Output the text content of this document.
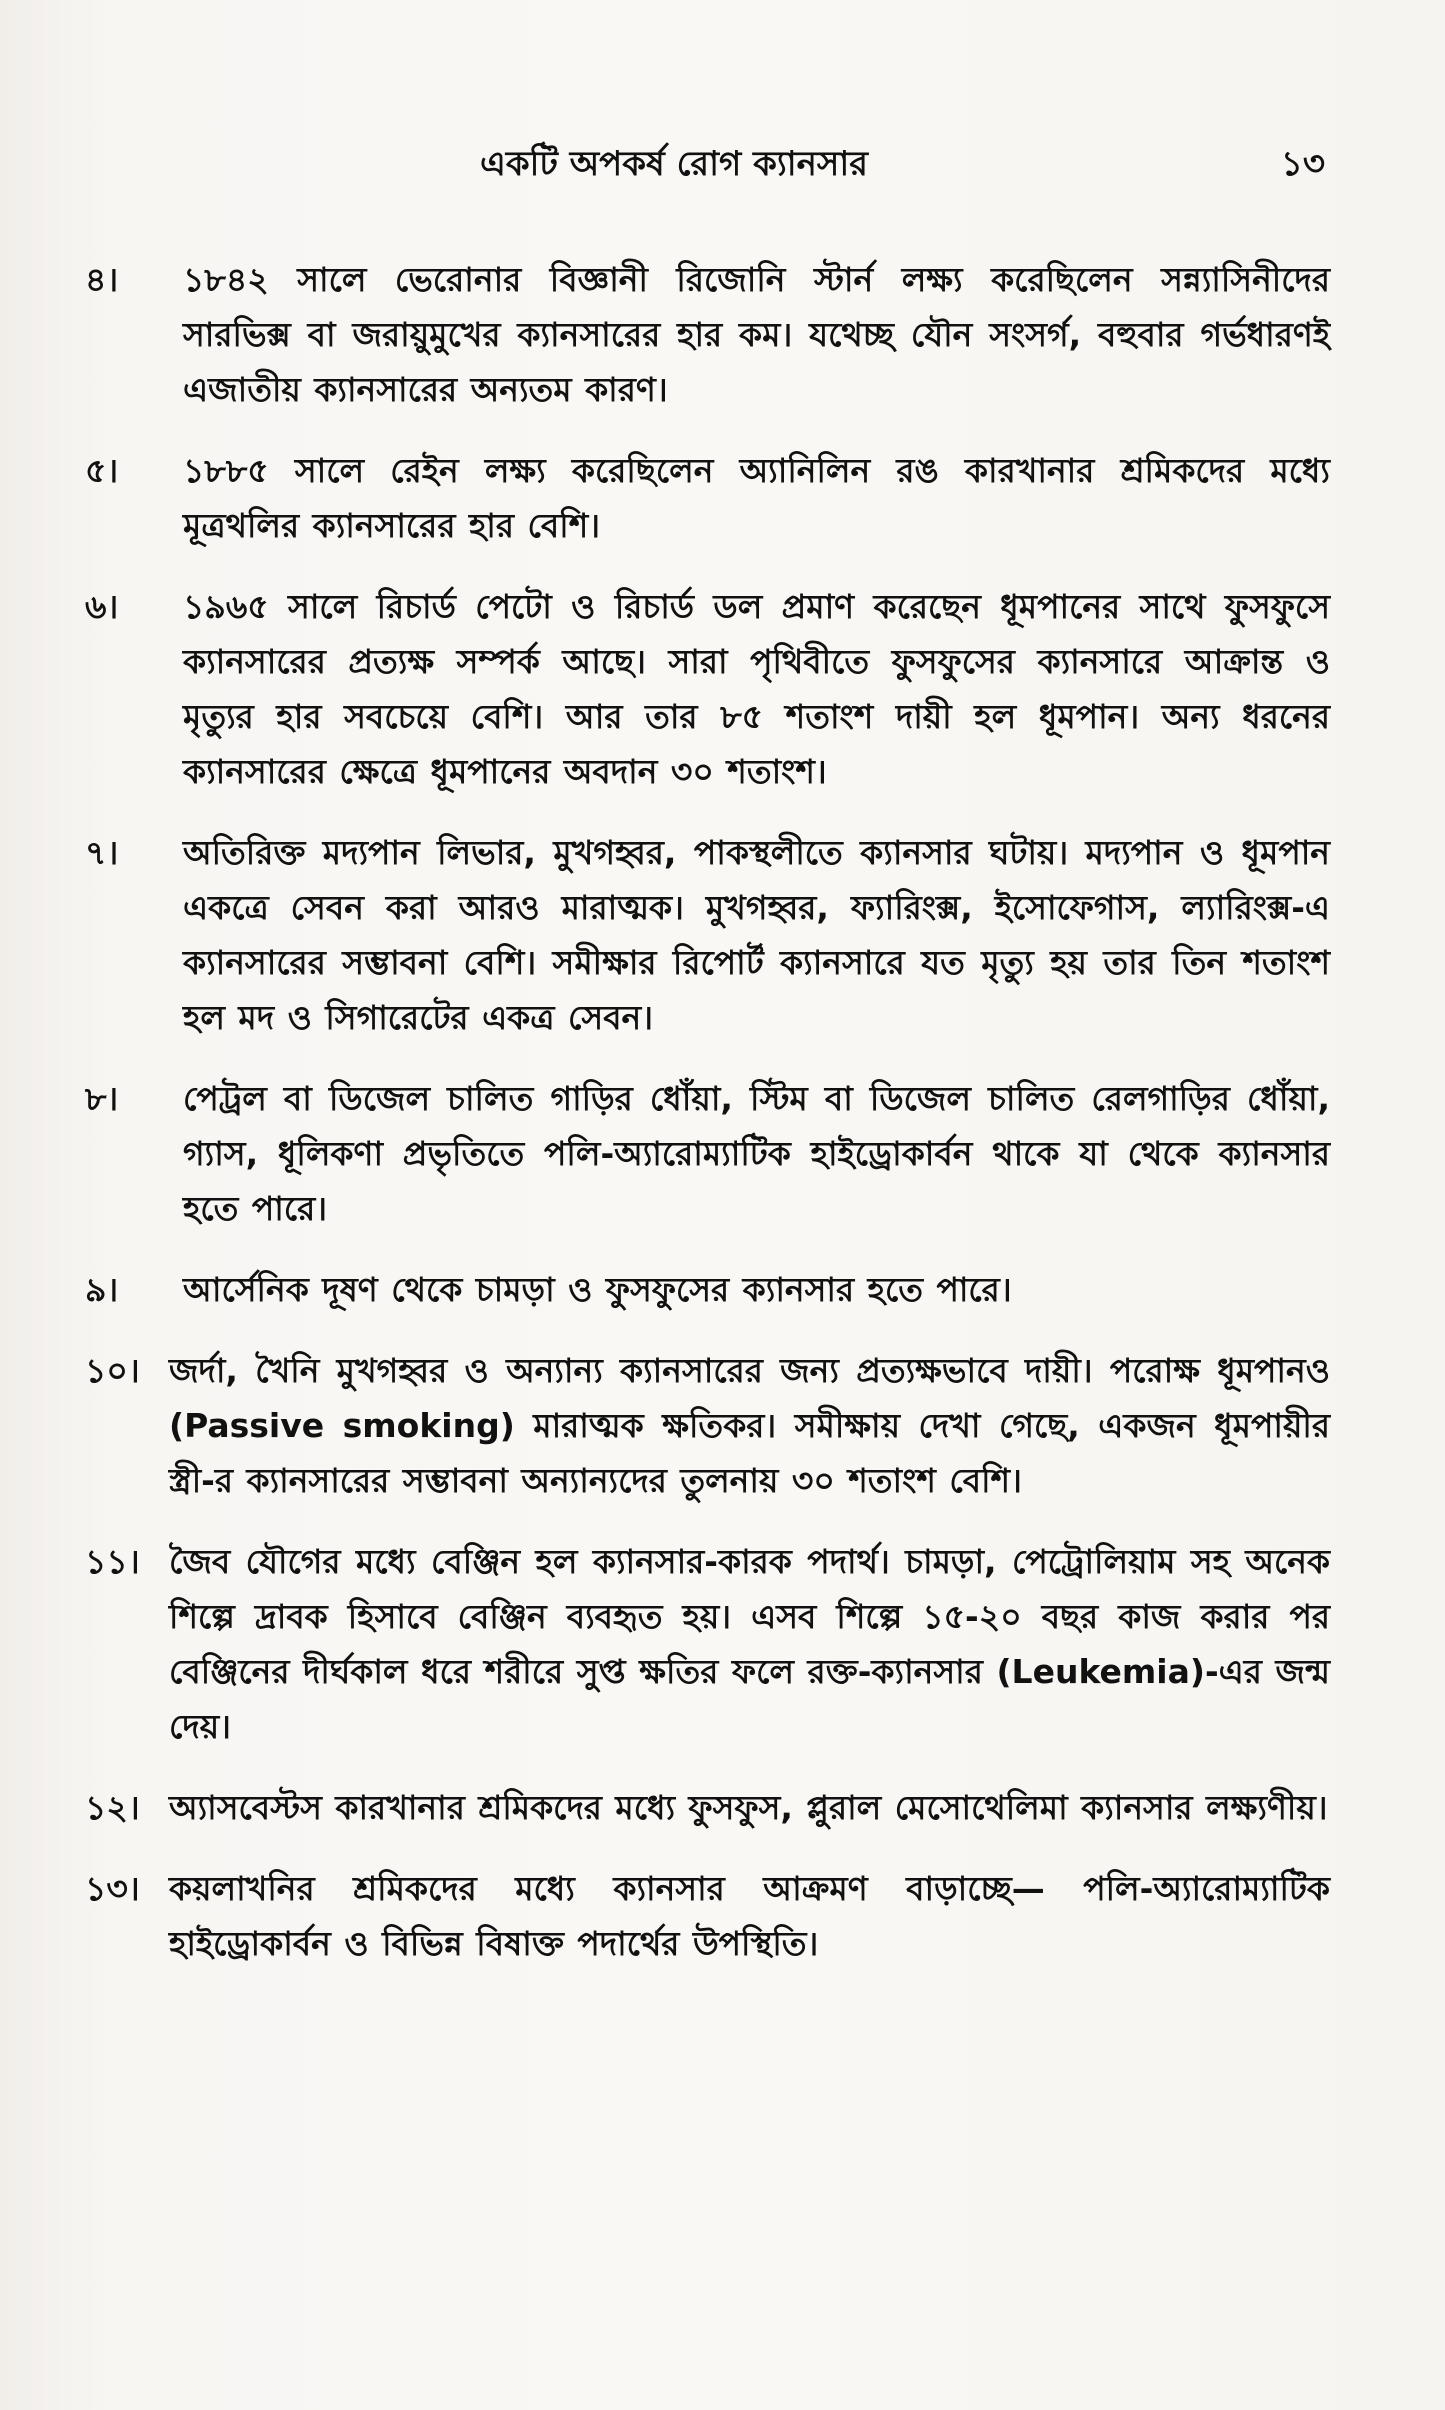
একটি অপকর্ষ রোগ ক্যানসার	১৩
৪।	১৮৪২ সালে ভেরোনার বিজ্ঞানী রিজোনি স্টার্ন লক্ষ্য করেছিলেন সন্ন্যাসিনীদের সারভিক্স বা জরায়ুমুখের ক্যানসারের হার কম। যথেচ্ছ যৌন সংসর্গ, বহুবার গর্ভধারণই এজাতীয় ক্যানসারের অন্যতম কারণ।
৫।	১৮৮৫ সালে রেইন লক্ষ্য করেছিলেন অ্যানিলিন রঙ কারখানার শ্রমিকদের মধ্যে মূত্রথলির ক্যানসারের হার বেশি।
৬।	১৯৬৫ সালে রিচার্ড পেটো ও রিচার্ড ডল প্রমাণ করেছেন ধূমপানের সাথে ফুসফুসে ক্যানসারের প্রত্যক্ষ সম্পর্ক আছে। সারা পৃথিবীতে ফুসফুসের ক্যানসারে আক্রান্ত ও মৃত্যুর হার সবচেয়ে বেশি। আর তার ৮৫ শতাংশ দায়ী হল ধূমপান। অন্য ধরনের ক্যানসারের ক্ষেত্রে ধূমপানের অবদান ৩০ শতাংশ।
৭।	অতিরিক্ত মদ্যপান লিভার, মুখগহ্বর, পাকস্থলীতে ক্যানসার ঘটায়। মদ্যপান ও ধূমপান একত্রে সেবন করা আরও মারাত্মক। মুখগহ্বর, ফ্যারিংক্স, ইসোফেগাস, ল্যারিংক্স-এ ক্যানসারের সম্ভাবনা বেশি। সমীক্ষার রিপোর্ট ক্যানসারে যত মৃত্যু হয় তার তিন শতাংশ হল মদ ও সিগারেটের একত্র সেবন।
৮।	পেট্রল বা ডিজেল চালিত গাড়ির ধোঁয়া, স্টিম বা ডিজেল চালিত রেলগাড়ির ধোঁয়া, গ্যাস, ধূলিকণা প্রভৃতিতে পলি-অ্যারোম্যাটিক হাইড্রোকার্বন থাকে যা থেকে ক্যানসার হতে পারে।
৯।	আর্সেনিক দূষণ থেকে চামড়া ও ফুসফুসের ক্যানসার হতে পারে।
১০। জর্দা, খৈনি মুখগহ্বর ও অন্যান্য ক্যানসারের জন্য প্রত্যক্ষভাবে দায়ী। পরোক্ষ ধূমপানও (Passive smoking) মারাত্মক ক্ষতিকর। সমীক্ষায় দেখা গেছে, একজন ধূমপায়ীর স্ত্রী-র ক্যানসারের সম্ভাবনা অন্যান্যদের তুলনায় ৩০ শতাংশ বেশি।
১১। জৈব যৌগের মধ্যে বেঞ্জিন হল ক্যানসার-কারক পদার্থ। চামড়া, পেট্রোলিয়াম সহ অনেক শিল্পে দ্রাবক হিসাবে বেঞ্জিন ব্যবহৃত হয়। এসব শিল্পে ১৫-২০ বছর কাজ করার পর বেঞ্জিনের দীর্ঘকাল ধরে শরীরে সুপ্ত ক্ষতির ফলে রক্ত-ক্যানসার (Leukemia)-এর জন্ম দেয়।
১২। অ্যাসবেস্টস কারখানার শ্রমিকদের মধ্যে ফুসফুস, প্লুরাল মেসোথেলিমা ক্যানসার লক্ষ্যণীয়।
১৩। কয়লাখনির শ্রমিকদের মধ্যে ক্যানসার আক্রমণ বাড়াচ্ছে— পলি-অ্যারোম্যাটিক হাইড্রোকার্বন ও বিভিন্ন বিষাক্ত পদার্থের উপস্থিতি।
